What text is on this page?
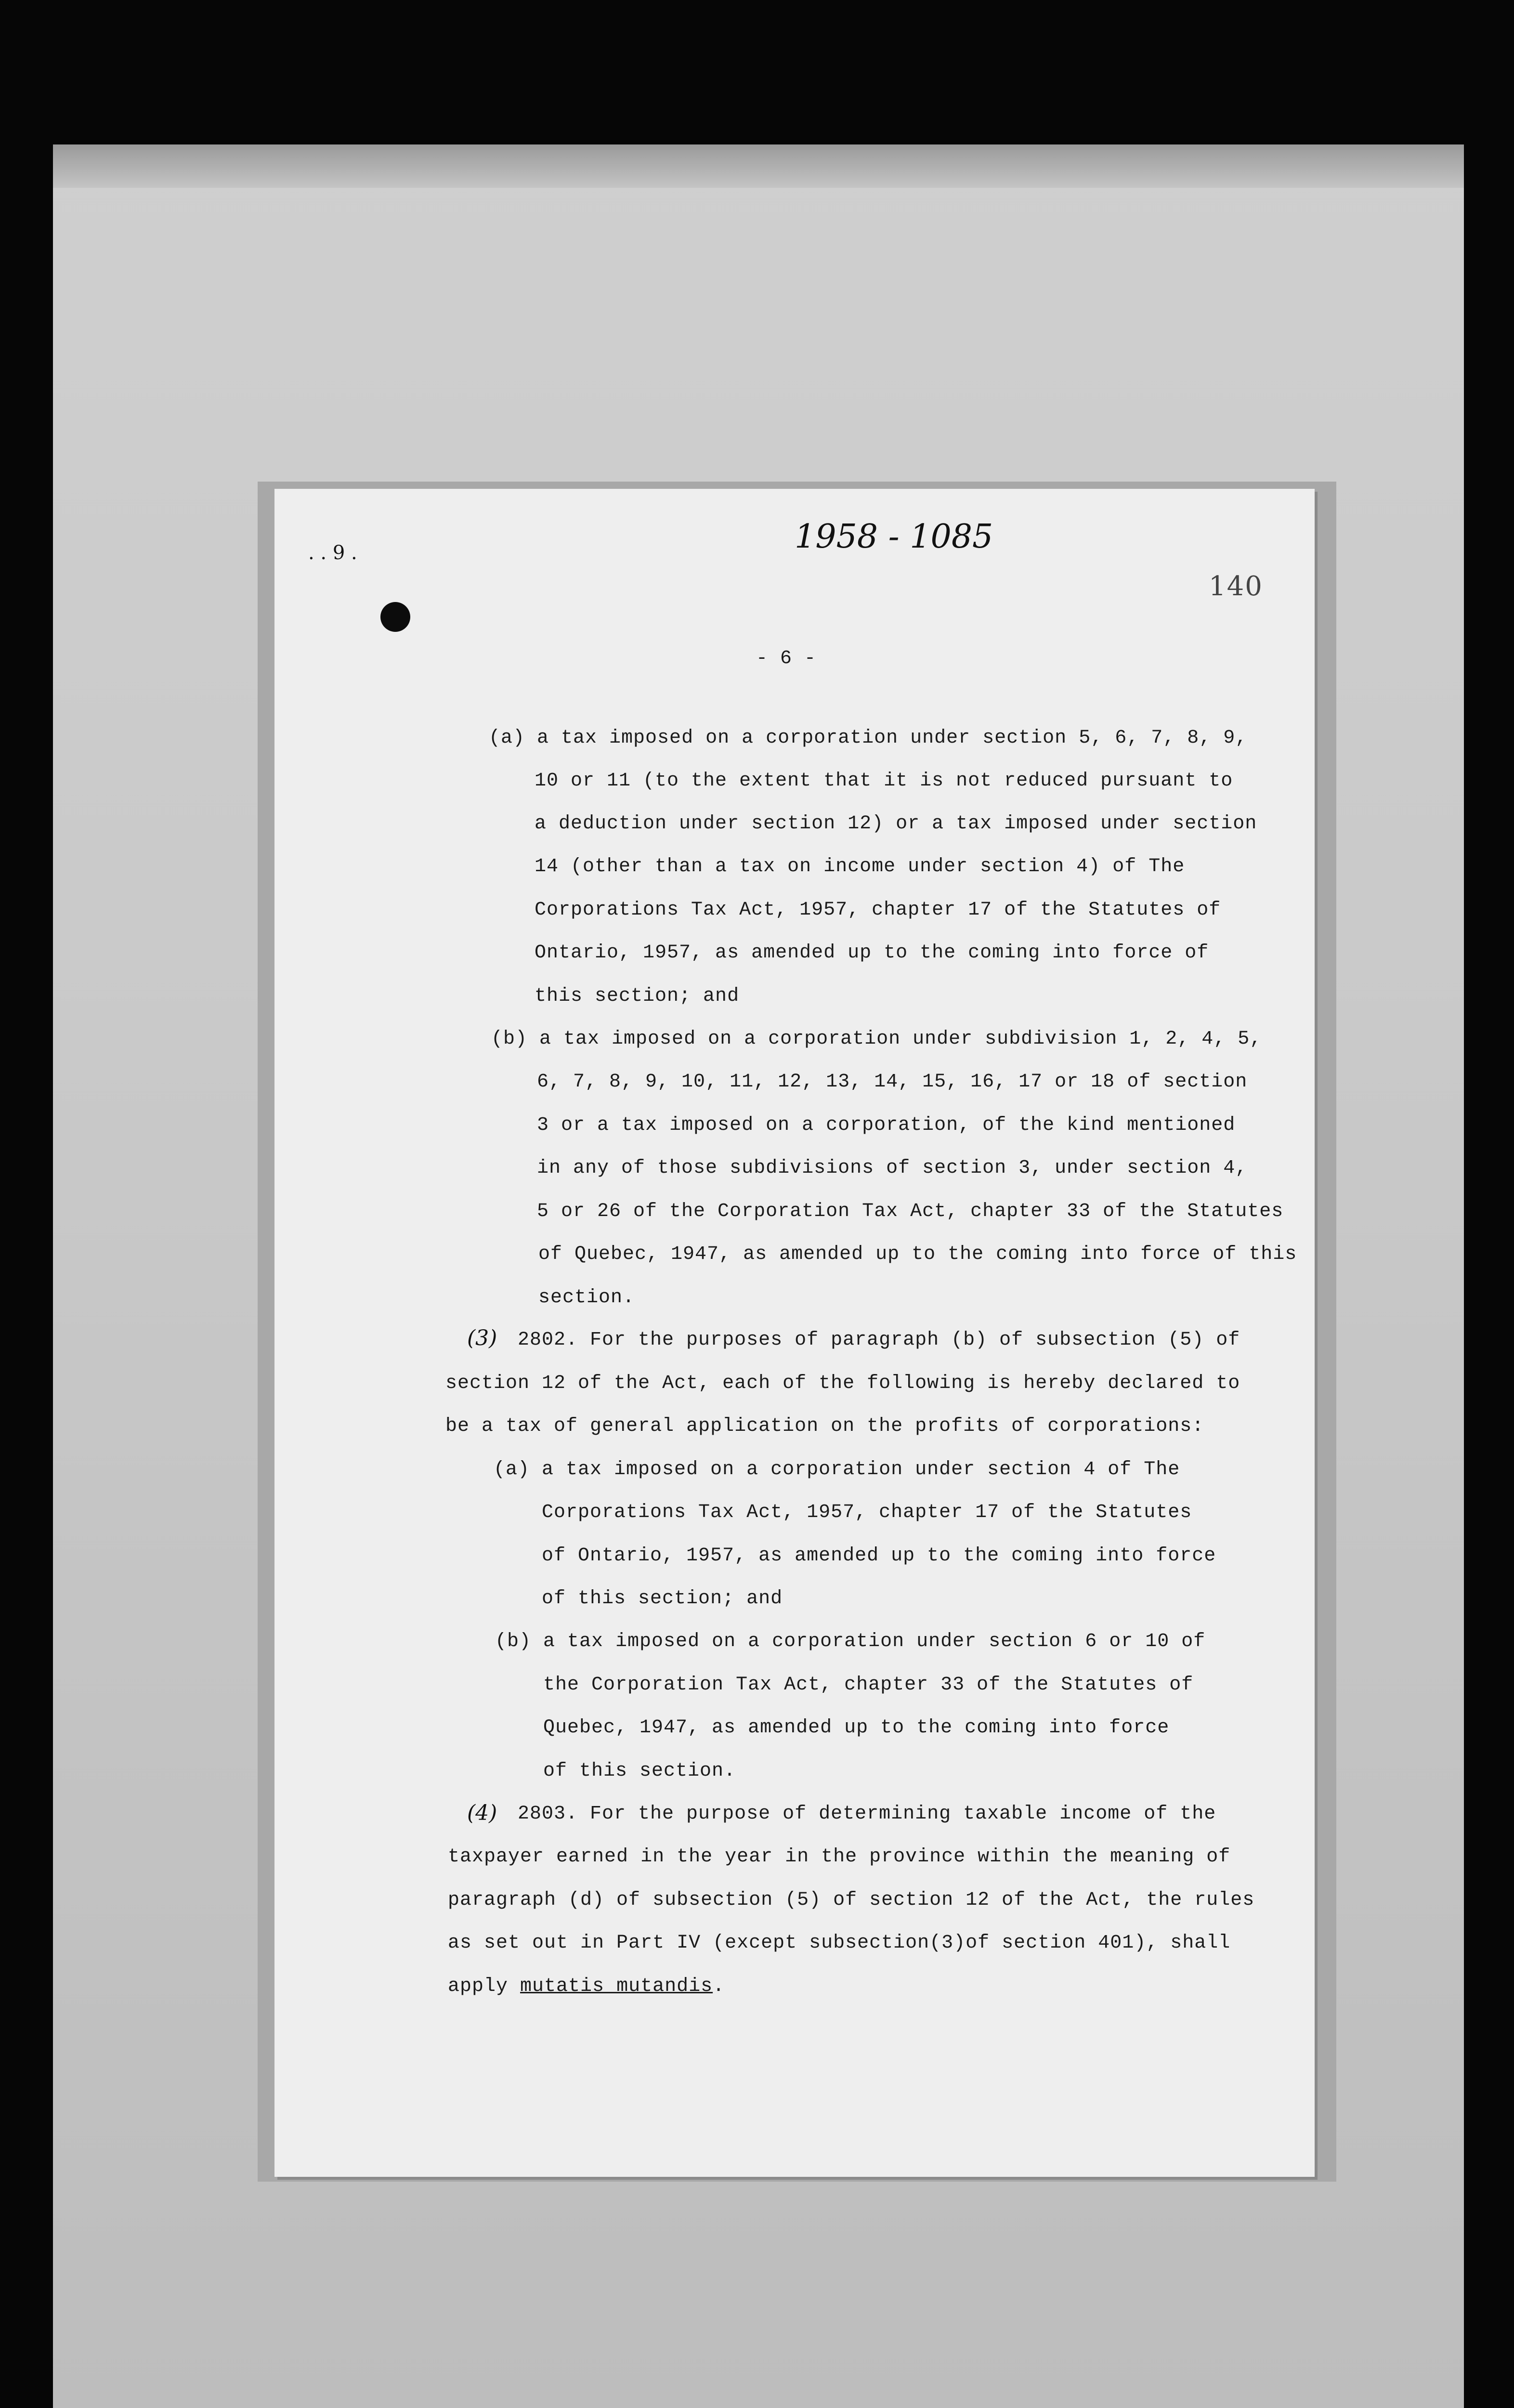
1958 - 1085
. . 9 .
140
- 6 -
(a) a tax imposed on a corporation under section 5, 6, 7, 8, 9,
10 or 11 (to the extent that it is not reduced pursuant to
a deduction under section 12) or a tax imposed under section
14 (other than a tax on income under section 4) of The
Corporations Tax Act, 1957, chapter 17 of the Statutes of
Ontario, 1957, as amended up to the coming into force of
this section; and
(b) a tax imposed on a corporation under subdivision 1, 2, 4, 5,
6, 7, 8, 9, 10, 11, 12, 13, 14, 15, 16, 17 or 18 of section
3 or a tax imposed on a corporation, of the kind mentioned
in any of those subdivisions of section 3, under section 4,
5 or 26 of the Corporation Tax Act, chapter 33 of the Statutes
of Quebec, 1947, as amended up to the coming into force of this
section.
(3) 2802. For the purposes of paragraph (b) of subsection (5) of
section 12 of the Act, each of the following is hereby declared to
be a tax of general application on the profits of corporations:
(a) a tax imposed on a corporation under section 4 of The
Corporations Tax Act, 1957, chapter 17 of the Statutes
of Ontario, 1957, as amended up to the coming into force
of this section; and
(b) a tax imposed on a corporation under section 6 or 10 of
the Corporation Tax Act, chapter 33 of the Statutes of
Quebec, 1947, as amended up to the coming into force
of this section.
(4) 2803. For the purpose of determining taxable income of the
taxpayer earned in the year in the province within the meaning of
paragraph (d) of subsection (5) of section 12 of the Act, the rules
as set out in Part IV (except subsection(3)of section 401), shall
apply mutatis mutandis.
